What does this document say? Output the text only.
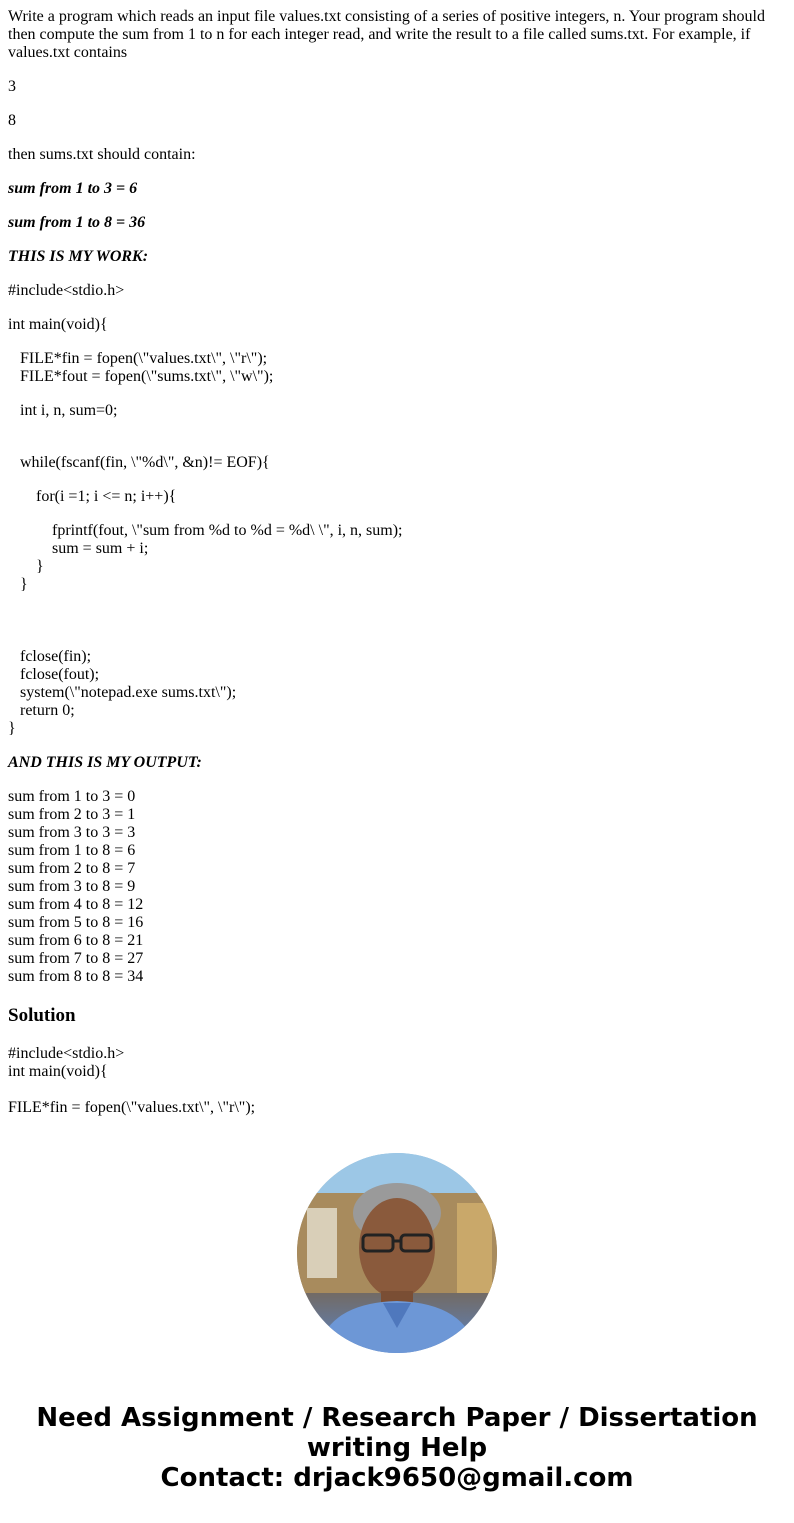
Write a program which reads an input file values.txt consisting of a series of positive integers, n. Your program should then compute the sum from 1 to n for each integer read, and write the result to a file called sums.txt. For example, if values.txt contains

3

8

then sums.txt should contain:

sum from 1 to 3 = 6

sum from 1 to 8 = 36

THIS IS MY WORK:

#include<stdio.h>

int main(void){

FILE*fin = fopen(\"values.txt\", \"r\");
FILE*fout = fopen(\"sums.txt\", \"w\");
int i, n, sum=0;
while(fscanf(fin, \"%d\", &n)!= EOF){
for(i =1; i <= n; i++){
fprintf(fout, \"sum from %d to %d = %d\ \", i, n, sum);
sum = sum + i;
}
}
fclose(fin);
fclose(fout);
system(\"notepad.exe sums.txt\");
return 0;
}

AND THIS IS MY OUTPUT:

sum from 1 to 3 = 0
sum from 2 to 3 = 1
sum from 3 to 3 = 3
sum from 1 to 8 = 6
sum from 2 to 8 = 7
sum from 3 to 8 = 9
sum from 4 to 8 = 12
sum from 5 to 8 = 16
sum from 6 to 8 = 21
sum from 7 to 8 = 27
sum from 8 to 8 = 34
Solution
#include<stdio.h>
int main(void){
FILE*fin = fopen(\"values.txt\", \"r\");
Need Assignment / Research Paper / Dissertation
writing Help
Contact: drjack9650@gmail.com
